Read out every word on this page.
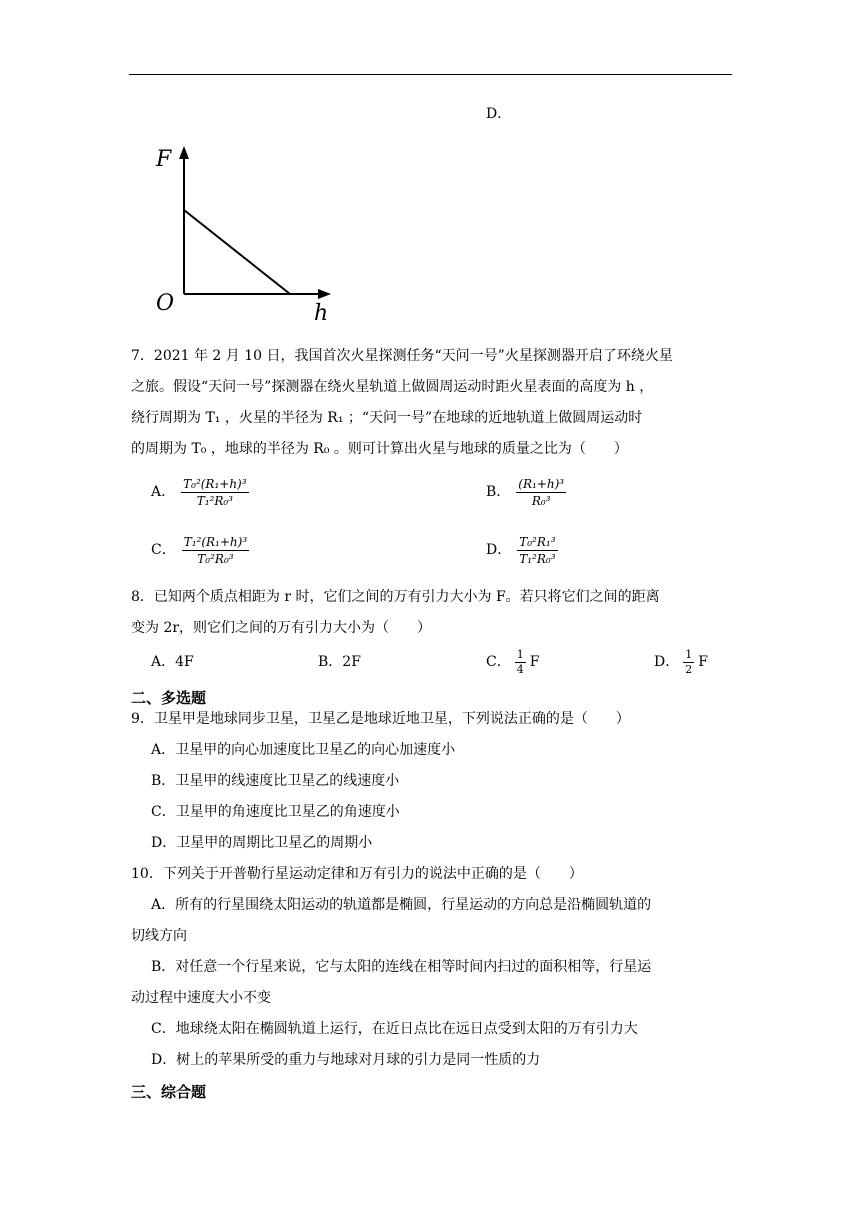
D．
F
h
O
7．2021 年 2 月 10 日，我国首次火星探测任务“天问一号”火星探测器开启了环绕火星
之旅。假设“天问一号”探测器在绕火星轨道上做圆周运动时距火星表面的高度为 h ，
绕行周期为 T₁ ，火星的半径为 R₁ ；“天问一号”在地球的近地轨道上做圆周运动时
的周期为 T₀ ，地球的半径为 R₀ 。则可计算出火星与地球的质量之比为（　　）
A． $\frac{\text{T₀²(R₁+h)³}}{\text{T₁²R₀³}}$	B． $\frac{\text{(R₁+h)³}}{\text{R₀³}}$
C． $\frac{\text{T₁²(R₁+h)³}}{\text{T₀²R₀³}}$	D． $\frac{\text{T₀²R₁³}}{\text{T₁²R₀³}}$
8．已知两个质点相距为 r 时，它们之间的万有引力大小为 F。若只将它们之间的距离
变为 2r，则它们之间的万有引力大小为（　　）
A．4F	B．2F	C． $\frac{1}{4}$ F	D． $\frac{1}{2}$ F
二、多选题
9．卫星甲是地球同步卫星，卫星乙是地球近地卫星，下列说法正确的是（　　）
A．卫星甲的向心加速度比卫星乙的向心加速度小
B．卫星甲的线速度比卫星乙的线速度小
C．卫星甲的角速度比卫星乙的角速度小
D．卫星甲的周期比卫星乙的周期小
10．下列关于开普勒行星运动定律和万有引力的说法中正确的是（　　）
A．所有的行星围绕太阳运动的轨道都是椭圆，行星运动的方向总是沿椭圆轨道的
切线方向
B．对任意一个行星来说，它与太阳的连线在相等时间内扫过的面积相等，行星运
动过程中速度大小不变
C．地球绕太阳在椭圆轨道上运行，在近日点比在远日点受到太阳的万有引力大
D．树上的苹果所受的重力与地球对月球的引力是同一性质的力
三、综合题
